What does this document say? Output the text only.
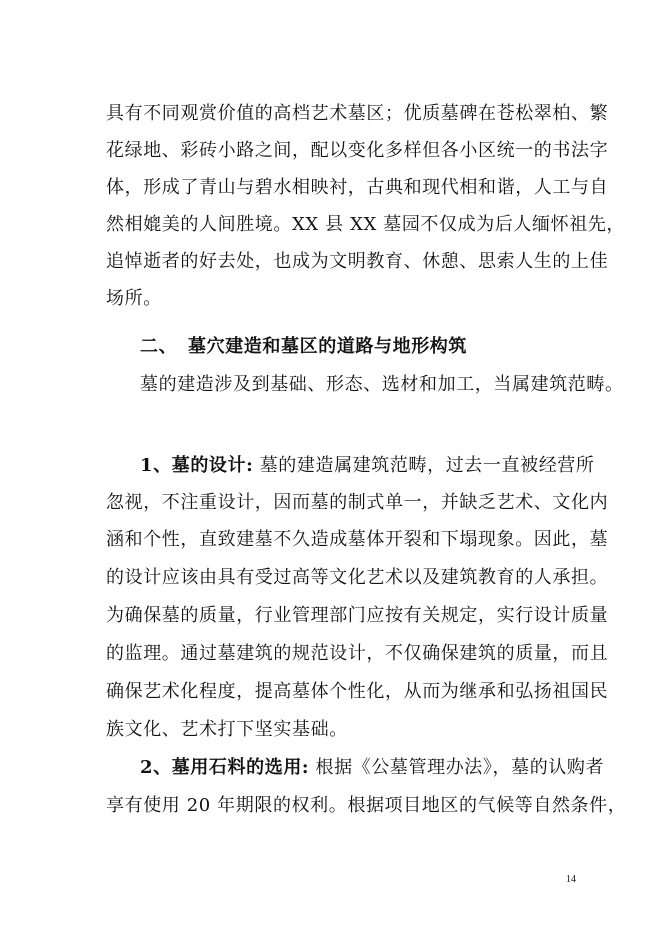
具有不同观赏价值的高档艺术墓区；优质墓碑在苍松翠柏、繁
花绿地、彩砖小路之间，配以变化多样但各小区统一的书法字
体，形成了青山与碧水相映衬，古典和现代相和谐，人工与自
然相媲美的人间胜境。XX 县 XX 墓园不仅成为后人缅怀祖先，
追悼逝者的好去处，也成为文明教育、休憩、思索人生的上佳
场所。
二、 墓穴建造和墓区的道路与地形构筑
墓的建造涉及到基础、形态、选材和加工，当属建筑范畴。
1、墓的设计: 墓的建造属建筑范畴，过去一直被经营所
忽视，不注重设计，因而墓的制式单一，并缺乏艺术、文化内
涵和个性，直致建墓不久造成墓体开裂和下塌现象。因此，墓
的设计应该由具有受过高等文化艺术以及建筑教育的人承担。
为确保墓的质量，行业管理部门应按有关规定，实行设计质量
的监理。通过墓建筑的规范设计，不仅确保建筑的质量，而且
确保艺术化程度，提高墓体个性化，从而为继承和弘扬祖国民
族文化、艺术打下坚实基础。
2、墓用石料的选用: 根据《公墓管理办法》，墓的认购者
享有使用 20 年期限的权利。根据项目地区的气候等自然条件，
14
